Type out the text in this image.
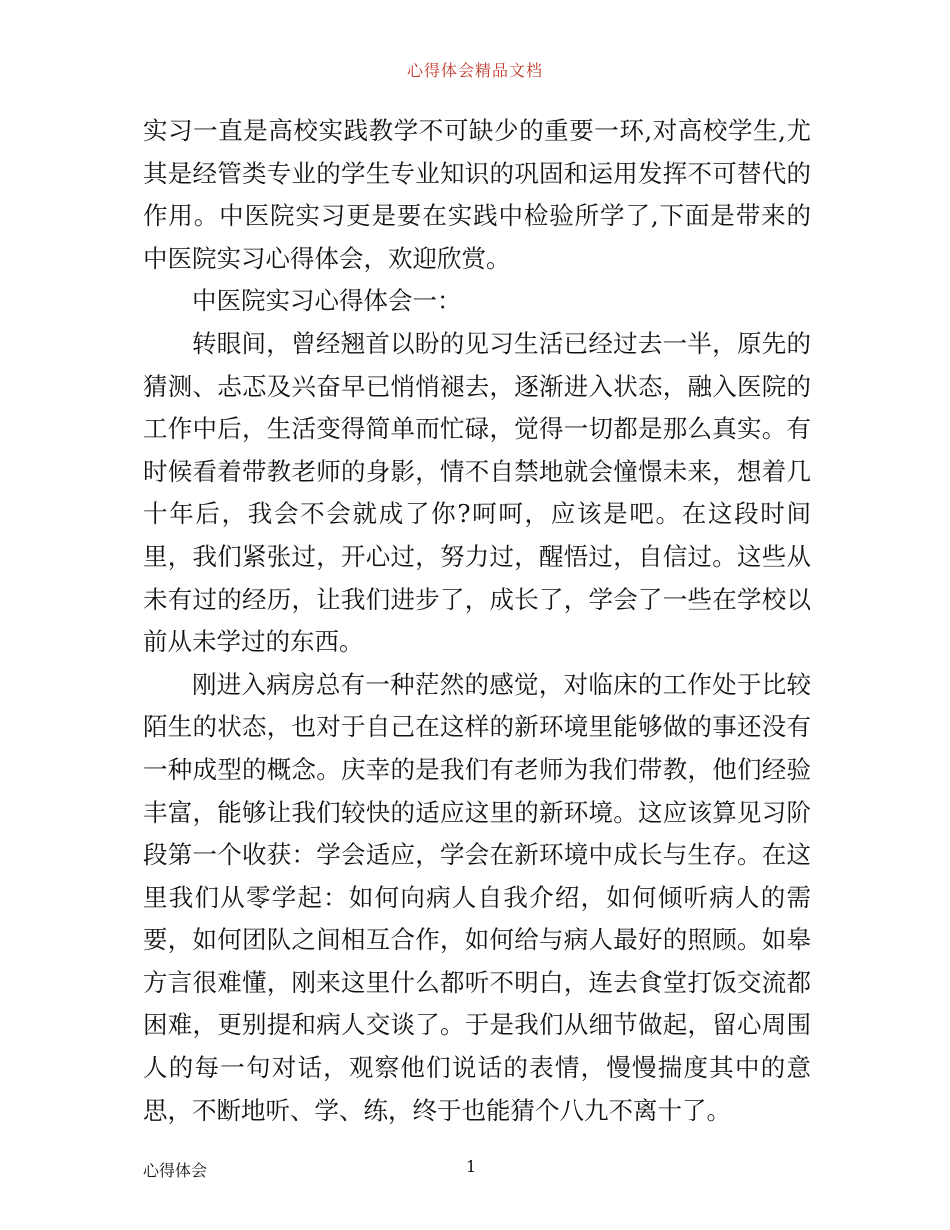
心得体会精品文档

实习一直是高校实践教学不可缺少的重要一环,对高校学生,尤其是经管类专业的学生专业知识的巩固和运用发挥不可替代的作用。中医院实习更是要在实践中检验所学了,下面是带来的中医院实习心得体会，欢迎欣赏。

中医院实习心得体会一：

转眼间，曾经翘首以盼的见习生活已经过去一半，原先的猜测、忐忑及兴奋早已悄悄褪去，逐渐进入状态，融入医院的工作中后，生活变得简单而忙碌，觉得一切都是那么真实。有时候看着带教老师的身影，情不自禁地就会憧憬未来，想着几十年后，我会不会就成了你?呵呵，应该是吧。在这段时间里，我们紧张过，开心过，努力过，醒悟过，自信过。这些从未有过的经历，让我们进步了，成长了，学会了一些在学校以前从未学过的东西。

刚进入病房总有一种茫然的感觉，对临床的工作处于比较陌生的状态，也对于自己在这样的新环境里能够做的事还没有一种成型的概念。庆幸的是我们有老师为我们带教，他们经验丰富，能够让我们较快的适应这里的新环境。这应该算见习阶段第一个收获：学会适应，学会在新环境中成长与生存。在这里我们从零学起：如何向病人自我介绍，如何倾听病人的需要，如何团队之间相互合作，如何给与病人最好的照顾。如皋方言很难懂，刚来这里什么都听不明白，连去食堂打饭交流都困难，更别提和病人交谈了。于是我们从细节做起，留心周围人的每一句对话，观察他们说话的表情，慢慢揣度其中的意思，不断地听、学、练，终于也能猜个八九不离十了。

心得体会	1
